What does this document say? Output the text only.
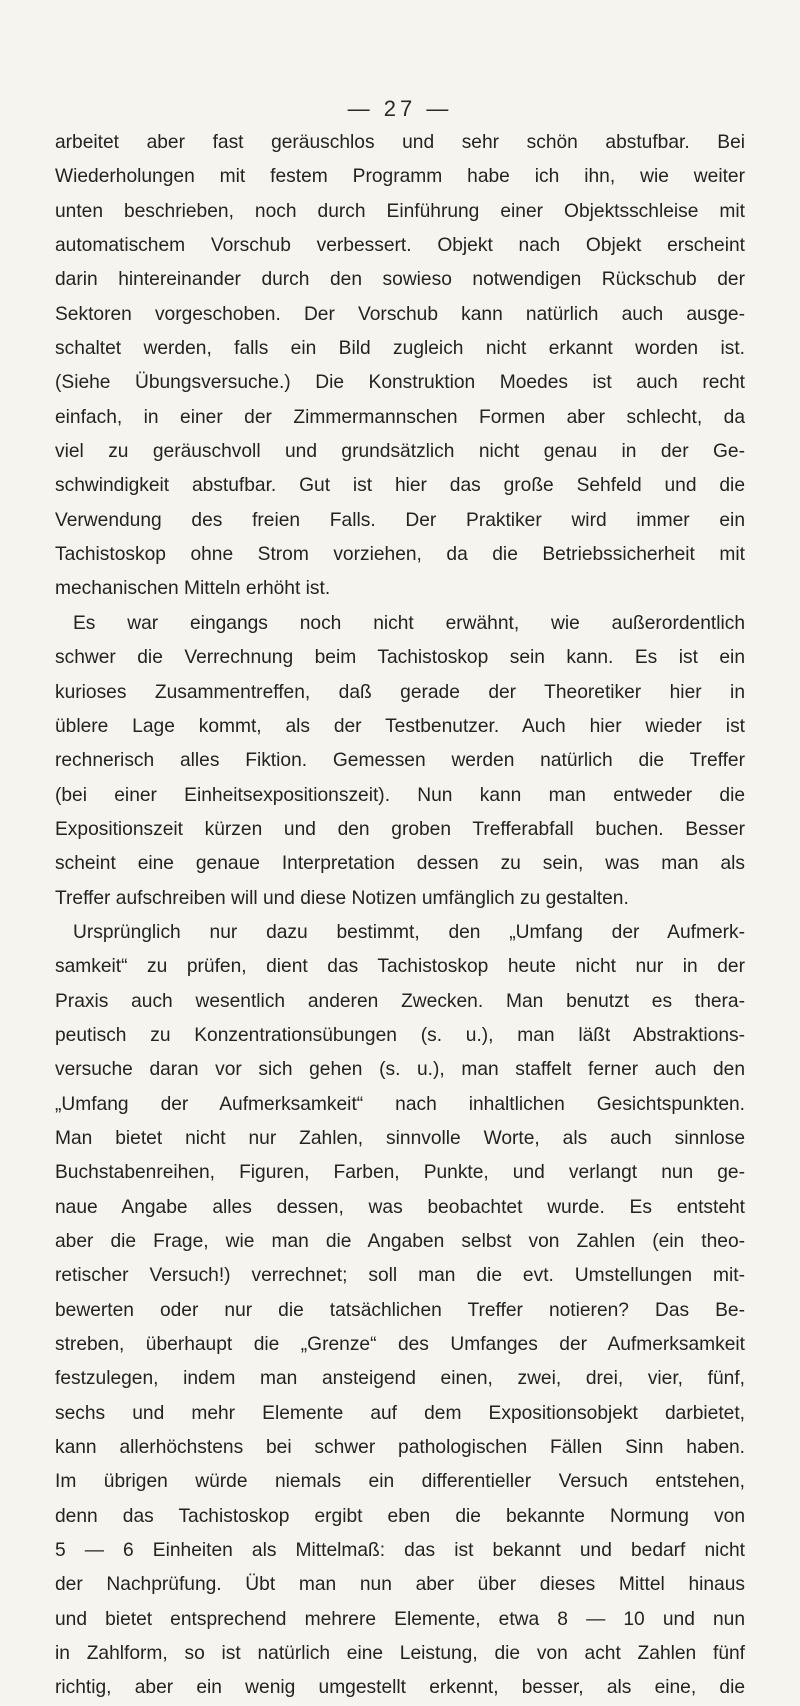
— 27 —
arbeitet aber fast geräuschlos und sehr schön abstufbar. Bei
Wiederholungen mit festem Programm habe ich ihn, wie weiter
unten beschrieben, noch durch Einführung einer Objektsschleise mit
automatischem Vorschub verbessert. Objekt nach Objekt erscheint
darin hintereinander durch den sowieso notwendigen Rückschub der
Sektoren vorgeschoben. Der Vorschub kann natürlich auch ausge-
schaltet werden, falls ein Bild zugleich nicht erkannt worden ist.
(Siehe Übungsversuche.) Die Konstruktion Moedes ist auch recht
einfach, in einer der Zimmermannschen Formen aber schlecht, da
viel zu geräuschvoll und grundsätzlich nicht genau in der Ge-
schwindigkeit abstufbar. Gut ist hier das große Sehfeld und die
Verwendung des freien Falls. Der Praktiker wird immer ein
Tachistoskop ohne Strom vorziehen, da die Betriebssicherheit mit
mechanischen Mitteln erhöht ist.
Es war eingangs noch nicht erwähnt, wie außerordentlich
schwer die Verrechnung beim Tachistoskop sein kann. Es ist ein
kurioses Zusammentreffen, daß gerade der Theoretiker hier in
üblere Lage kommt, als der Testbenutzer. Auch hier wieder ist
rechnerisch alles Fiktion. Gemessen werden natürlich die Treffer
(bei einer Einheitsexpositionszeit). Nun kann man entweder die
Expositionszeit kürzen und den groben Trefferabfall buchen. Besser
scheint eine genaue Interpretation dessen zu sein, was man als
Treffer aufschreiben will und diese Notizen umfänglich zu gestalten.
Ursprünglich nur dazu bestimmt, den „Umfang der Aufmerk-
samkeit“ zu prüfen, dient das Tachistoskop heute nicht nur in der
Praxis auch wesentlich anderen Zwecken. Man benutzt es thera-
peutisch zu Konzentrationsübungen (s. u.), man läßt Abstraktions-
versuche daran vor sich gehen (s. u.), man staffelt ferner auch den
„Umfang der Aufmerksamkeit“ nach inhaltlichen Gesichtspunkten.
Man bietet nicht nur Zahlen, sinnvolle Worte, als auch sinnlose
Buchstabenreihen, Figuren, Farben, Punkte, und verlangt nun ge-
naue Angabe alles dessen, was beobachtet wurde. Es entsteht
aber die Frage, wie man die Angaben selbst von Zahlen (ein theo-
retischer Versuch!) verrechnet; soll man die evt. Umstellungen mit-
bewerten oder nur die tatsächlichen Treffer notieren? Das Be-
streben, überhaupt die „Grenze“ des Umfanges der Aufmerksamkeit
festzulegen, indem man ansteigend einen, zwei, drei, vier, fünf,
sechs und mehr Elemente auf dem Expositionsobjekt darbietet,
kann allerhöchstens bei schwer pathologischen Fällen Sinn haben.
Im übrigen würde niemals ein differentieller Versuch entstehen,
denn das Tachistoskop ergibt eben die bekannte Normung von
5 — 6 Einheiten als Mittelmaß: das ist bekannt und bedarf nicht
der Nachprüfung. Übt man nun aber über dieses Mittel hinaus
und bietet entsprechend mehrere Elemente, etwa 8 — 10 und nun
in Zahlform, so ist natürlich eine Leistung, die von acht Zahlen fünf
richtig, aber ein wenig umgestellt erkennt, besser, als eine, die
